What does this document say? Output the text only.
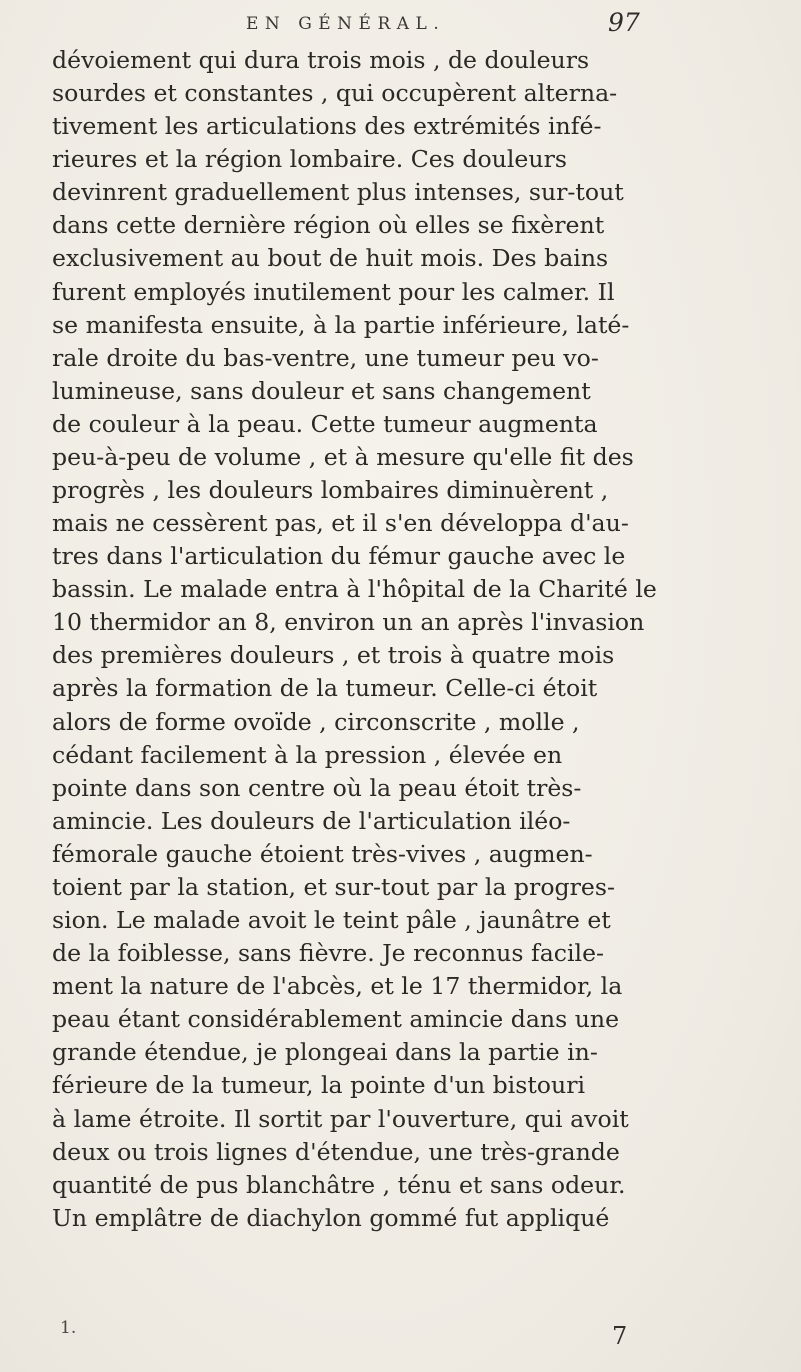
EN GÉNÉRAL.	97
dévoiement qui dura trois mois , de douleurs
sourdes et constantes , qui occupèrent alterna-
tivement les articulations des extrémités infé-
rieures et la région lombaire. Ces douleurs
devinrent graduellement plus intenses, sur-tout
dans cette dernière région où elles se fixèrent
exclusivement au bout de huit mois. Des bains
furent employés inutilement pour les calmer. Il
se manifesta ensuite, à la partie inférieure, laté-
rale droite du bas-ventre, une tumeur peu vo-
lumineuse, sans douleur et sans changement
de couleur à la peau. Cette tumeur augmenta
peu-à-peu de volume , et à mesure qu'elle fit des
progrès , les douleurs lombaires diminuèrent ,
mais ne cessèrent pas, et il s'en développa d'au-
tres dans l'articulation du fémur gauche avec le
bassin. Le malade entra à l'hôpital de la Charité le
10 thermidor an 8, environ un an après l'invasion
des premières douleurs , et trois à quatre mois
après la formation de la tumeur. Celle-ci étoit
alors de forme ovoïde , circonscrite , molle ,
cédant facilement à la pression , élevée en
pointe dans son centre où la peau étoit très-
amincie. Les douleurs de l'articulation iléo-
fémorale gauche étoient très-vives , augmen-
toient par la station, et sur-tout par la progres-
sion. Le malade avoit le teint pâle , jaunâtre et
de la foiblesse, sans fièvre. Je reconnus facile-
ment la nature de l'abcès, et le 17 thermidor, la
peau étant considérablement amincie dans une
grande étendue, je plongeai dans la partie in-
férieure de la tumeur, la pointe d'un bistouri
à lame étroite. Il sortit par l'ouverture, qui avoit
deux ou trois lignes d'étendue, une très-grande
quantité de pus blanchâtre , ténu et sans odeur.
Un emplâtre de diachylon gommé fut appliqué
1.	7
